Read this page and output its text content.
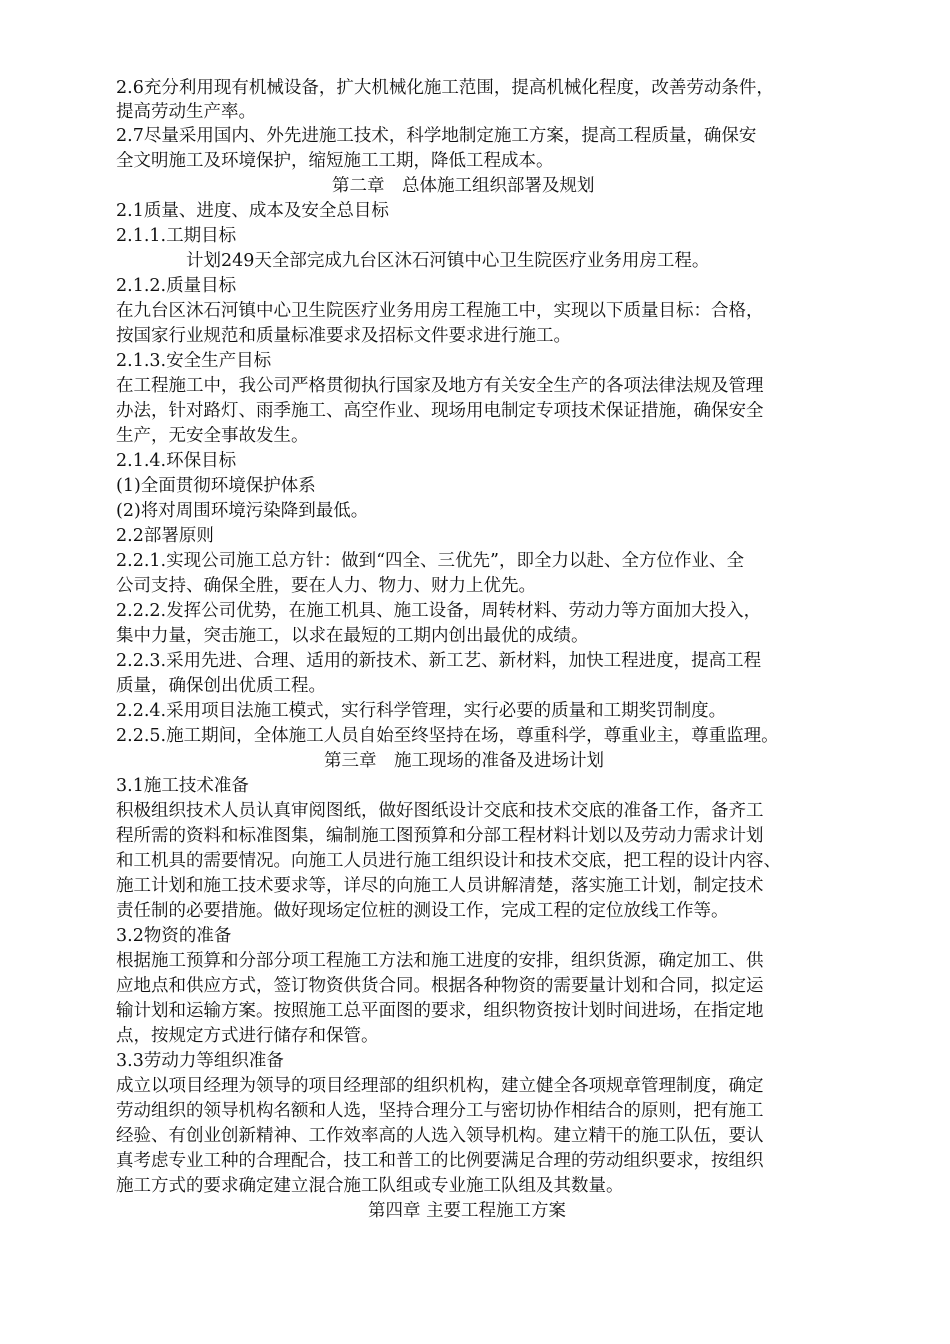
2.6充分利用现有机械设备，扩大机械化施工范围，提高机械化程度，改善劳动条件，
提高劳动生产率。
2.7尽量采用国内、外先进施工技术，科学地制定施工方案，提高工程质量，确保安
全文明施工及环境保护，缩短施工工期，降低工程成本。
第二章　总体施工组织部署及规划
2.1质量、进度、成本及安全总目标
2.1.1.工期目标
计划249天全部完成九台区沐石河镇中心卫生院医疗业务用房工程。
2.1.2.质量目标
在九台区沐石河镇中心卫生院医疗业务用房工程施工中，实现以下质量目标：合格，
按国家行业规范和质量标准要求及招标文件要求进行施工。
2.1.3.安全生产目标
在工程施工中，我公司严格贯彻执行国家及地方有关安全生产的各项法律法规及管理
办法，针对路灯、雨季施工、高空作业、现场用电制定专项技术保证措施，确保安全
生产，无安全事故发生。
2.1.4.环保目标
(1)全面贯彻环境保护体系
(2)将对周围环境污染降到最低。
2.2部署原则
2.2.1.实现公司施工总方针：做到“四全、三优先”，即全力以赴、全方位作业、全
公司支持、确保全胜，要在人力、物力、财力上优先。
2.2.2.发挥公司优势，在施工机具、施工设备，周转材料、劳动力等方面加大投入，
集中力量，突击施工，以求在最短的工期内创出最优的成绩。
2.2.3.采用先进、合理、适用的新技术、新工艺、新材料，加快工程进度，提高工程
质量，确保创出优质工程。
2.2.4.采用项目法施工模式，实行科学管理，实行必要的质量和工期奖罚制度。
2.2.5.施工期间，全体施工人员自始至终坚持在场，尊重科学，尊重业主，尊重监理。
第三章　施工现场的准备及进场计划
3.1施工技术准备
积极组织技术人员认真审阅图纸，做好图纸设计交底和技术交底的准备工作，备齐工
程所需的资料和标准图集，编制施工图预算和分部工程材料计划以及劳动力需求计划
和工机具的需要情况。向施工人员进行施工组织设计和技术交底，把工程的设计内容、
施工计划和施工技术要求等，详尽的向施工人员讲解清楚，落实施工计划，制定技术
责任制的必要措施。做好现场定位桩的测设工作，完成工程的定位放线工作等。
3.2物资的准备
根据施工预算和分部分项工程施工方法和施工进度的安排，组织货源，确定加工、供
应地点和供应方式，签订物资供货合同。根据各种物资的需要量计划和合同，拟定运
输计划和运输方案。按照施工总平面图的要求，组织物资按计划时间进场，在指定地
点，按规定方式进行储存和保管。
3.3劳动力等组织准备
成立以项目经理为领导的项目经理部的组织机构，建立健全各项规章管理制度，确定
劳动组织的领导机构名额和人选，坚持合理分工与密切协作相结合的原则，把有施工
经验、有创业创新精神、工作效率高的人选入领导机构。建立精干的施工队伍，要认
真考虑专业工种的合理配合，技工和普工的比例要满足合理的劳动组织要求，按组织
施工方式的要求确定建立混合施工队组或专业施工队组及其数量。
第四章 主要工程施工方案
